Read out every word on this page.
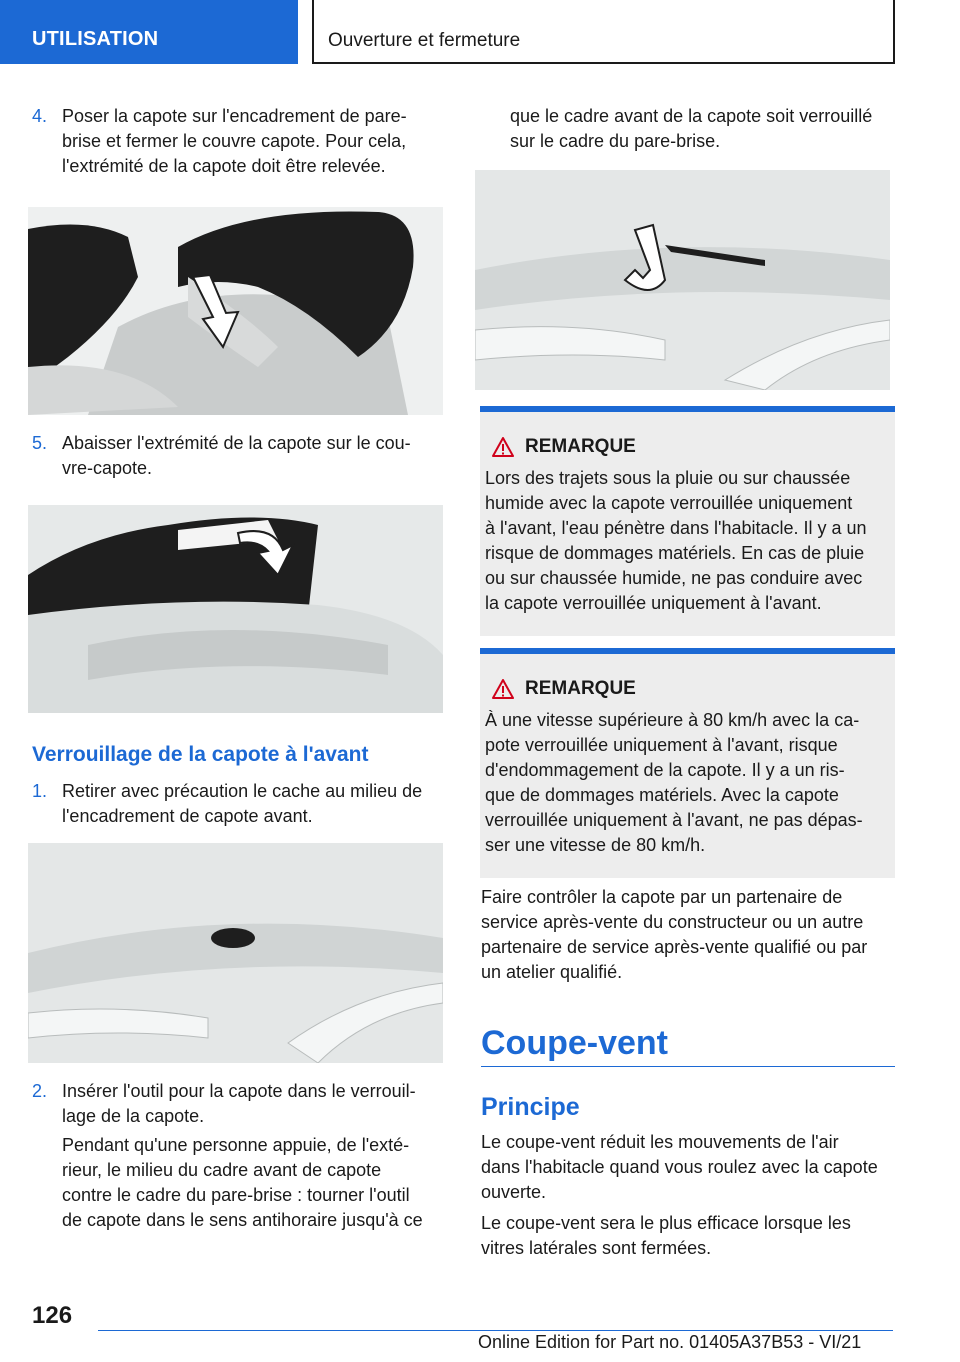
UTILISATION	Ouverture et fermeture
4. Poser la capote sur l'encadrement de pare-
brise et fermer le couvre capote. Pour cela,
l'extrémité de la capote doit être relevée.
5. Abaisser l'extrémité de la capote sur le cou-
vre-capote.
Verrouillage de la capote à l'avant
1. Retirer avec précaution le cache au milieu de
l'encadrement de capote avant.
2. Insérer l'outil pour la capote dans le verrouil-
lage de la capote.
Pendant qu'une personne appuie, de l'exté-
rieur, le milieu du cadre avant de capote
contre le cadre du pare-brise : tourner l'outil
de capote dans le sens antihoraire jusqu'à ce
que le cadre avant de la capote soit verrouillé
sur le cadre du pare-brise.
REMARQUE
Lors des trajets sous la pluie ou sur chaussée
humide avec la capote verrouillée uniquement
à l'avant, l'eau pénètre dans l'habitacle. Il y a un
risque de dommages matériels. En cas de pluie
ou sur chaussée humide, ne pas conduire avec
la capote verrouillée uniquement à l'avant.
REMARQUE
À une vitesse supérieure à 80 km/h avec la ca-
pote verrouillée uniquement à l'avant, risque
d'endommagement de la capote. Il y a un ris-
que de dommages matériels. Avec la capote
verrouillée uniquement à l'avant, ne pas dépas-
ser une vitesse de 80 km/h.
Faire contrôler la capote par un partenaire de
service après-vente du constructeur ou un autre
partenaire de service après-vente qualifié ou par
un atelier qualifié.
Coupe-vent
Principe
Le coupe-vent réduit les mouvements de l'air
dans l'habitacle quand vous roulez avec la capote
ouverte.
Le coupe-vent sera le plus efficace lorsque les
vitres latérales sont fermées.
126
Online Edition for Part no. 01405A37B53 - VI/21
